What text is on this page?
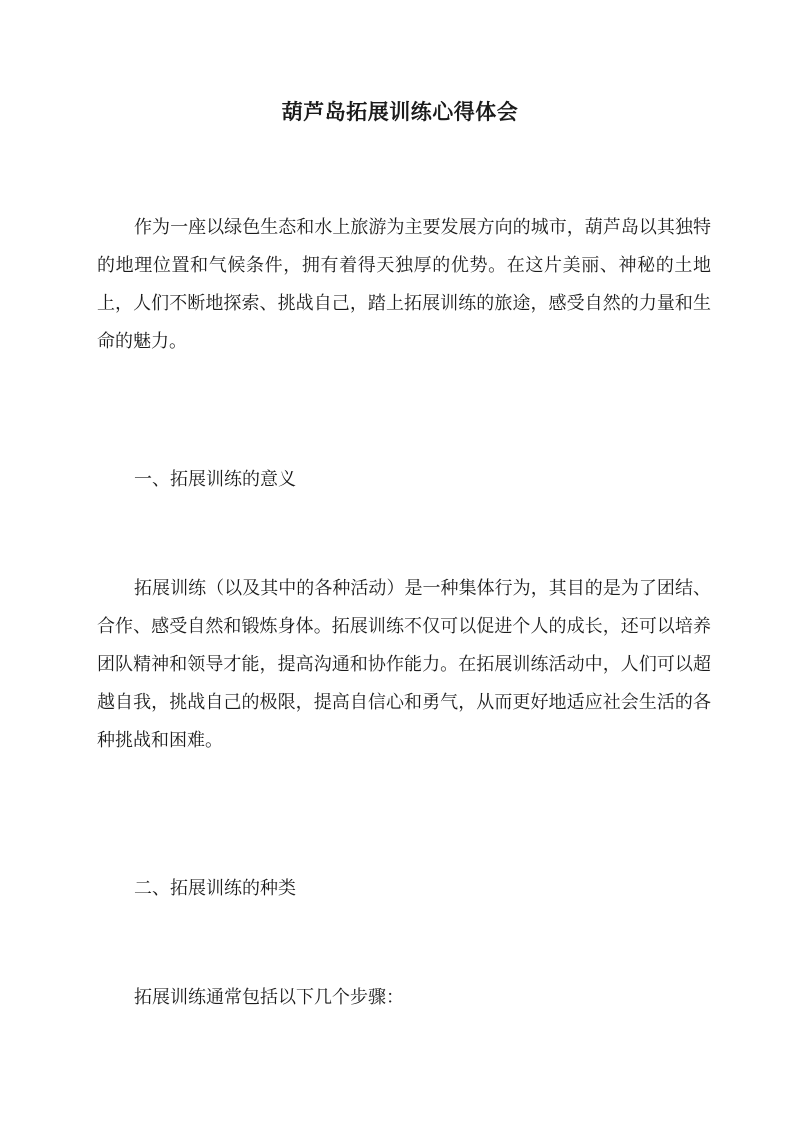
葫芦岛拓展训练心得体会

作为一座以绿色生态和水上旅游为主要发展方向的城市，葫芦岛以其独特的地理位置和气候条件，拥有着得天独厚的优势。在这片美丽、神秘的土地上，人们不断地探索、挑战自己，踏上拓展训练的旅途，感受自然的力量和生命的魅力。

一、拓展训练的意义

拓展训练（以及其中的各种活动）是一种集体行为，其目的是为了团结、合作、感受自然和锻炼身体。拓展训练不仅可以促进个人的成长，还可以培养团队精神和领导才能，提高沟通和协作能力。在拓展训练活动中，人们可以超越自我，挑战自己的极限，提高自信心和勇气，从而更好地适应社会生活的各种挑战和困难。

二、拓展训练的种类

拓展训练通常包括以下几个步骤：
